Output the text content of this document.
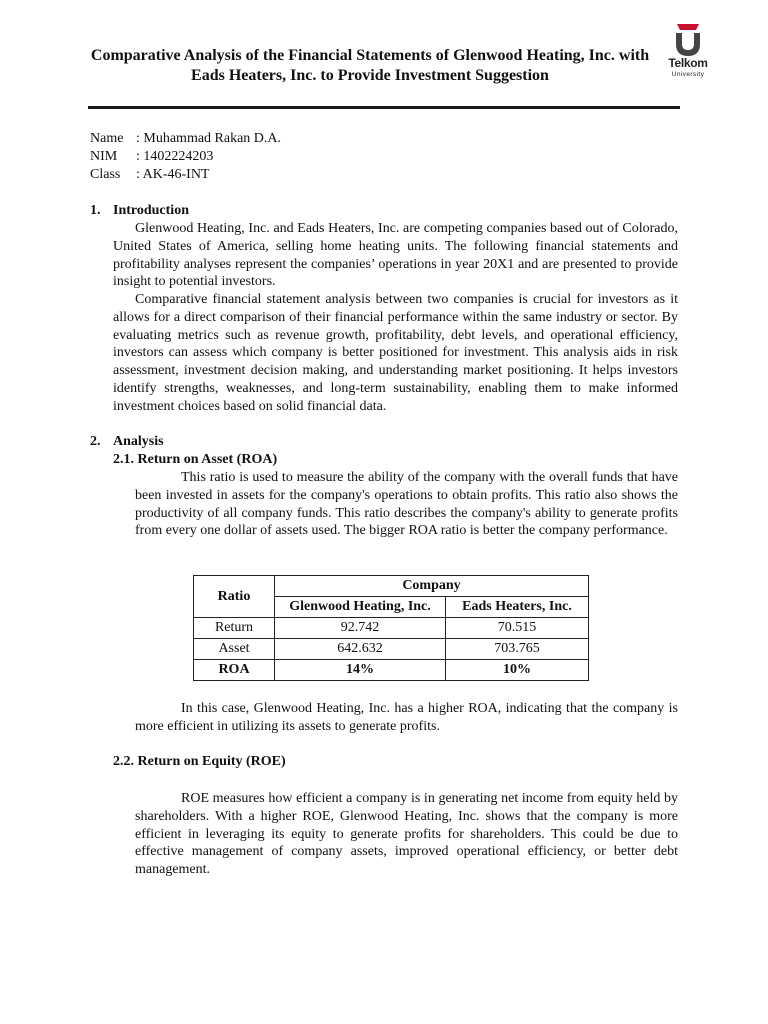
Comparative Analysis of the Financial Statements of Glenwood Heating, Inc. with Eads Heaters, Inc. to Provide Investment Suggestion
Telkom
University
Name : Muhammad Rakan D.A.
NIM	: 1402224203
Class	: AK-46-INT
1. Introduction
Glenwood Heating, Inc. and Eads Heaters, Inc. are competing companies based out of Colorado, United States of America, selling home heating units. The following financial statements and profitability analyses represent the companies’ operations in year 20X1 and are presented to provide insight to potential investors.
Comparative financial statement analysis between two companies is crucial for investors as it allows for a direct comparison of their financial performance within the same industry or sector. By evaluating metrics such as revenue growth, profitability, debt levels, and operational efficiency, investors can assess which company is better positioned for investment. This analysis aids in risk assessment, investment decision making, and understanding market positioning. It helps investors identify strengths, weaknesses, and long-term sustainability, enabling them to make informed investment choices based on solid financial data.
2. Analysis
2.1. Return on Asset (ROA)
This ratio is used to measure the ability of the company with the overall funds that have been invested in assets for the company's operations to obtain profits. This ratio also shows the productivity of all company funds. This ratio describes the company's ability to generate profits from every one dollar of assets used. The bigger ROA ratio is better the company performance.
Ratio	Company	
	Glenwood Heating, Inc.	Eads Heaters, Inc.
Return	92.742	70.515
Asset	642.632	703.765
ROA	14%	10%
In this case, Glenwood Heating, Inc. has a higher ROA, indicating that the company is more efficient in utilizing its assets to generate profits.
2.2. Return on Equity (ROE)
ROE measures how efficient a company is in generating net income from equity held by shareholders. With a higher ROE, Glenwood Heating, Inc. shows that the company is more efficient in leveraging its equity to generate profits for shareholders. This could be due to effective management of company assets, improved operational efficiency, or better debt management.
